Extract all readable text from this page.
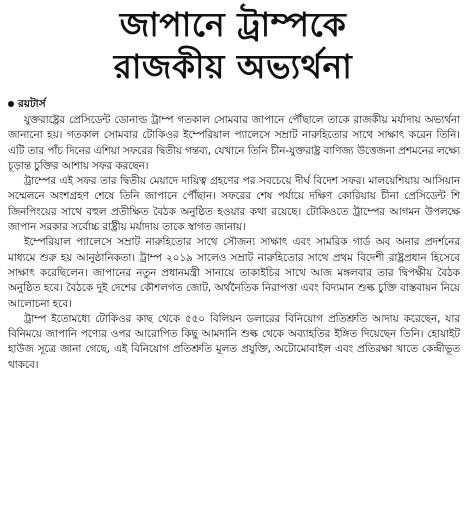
জাপানে ট্রাম্পকে
রাজকীয় অভ্যর্থনা
রয়টার্স

যুক্তরাষ্ট্রের প্রেসিডেন্ট ডোনাল্ড ট্রাম্প গতকাল সোমবার জাপানে পৌঁছালে তাকে রাজকীয় মর্যাদায় অভ্যর্থনা জানানো হয়। গতকাল সোমবার টোকিওর ইম্পেরিয়াল প্যালেসে সম্রাট নারুহিতোর সাথে সাক্ষাৎ করেন তিনি। এটি তার পাঁচ দিনের এশিয়া সফরের দ্বিতীয় গন্তব্য, যেখানে তিনি চীন-যুক্তরাষ্ট্র বাণিজ্য উত্তেজনা প্রশমনের লক্ষ্যে চূড়ান্ত চুক্তির আশায় সফর করছেন।

ট্রাম্পের এই সফর তার দ্বিতীয় মেয়াদে দায়িত্ব গ্রহণের পর সবচেয়ে দীর্ঘ বিদেশ সফর। মালয়েশিয়ায় আসিয়ান সম্মেলনে অংশগ্রহণ শেষে তিনি জাপানে পৌঁছান। সফরের শেষ পর্যায়ে দক্ষিণ কোরিয়ায় চীনা প্রেসিডেন্ট শি জিনপিংয়ের সাথে বহুল প্রতীক্ষিত বৈঠক অনুষ্ঠিত হওয়ার কথা রয়েছে। টোকিওতে ট্রাম্পের আগমন উপলক্ষে জাপান সরকার সর্বোচ্চ রাষ্ট্রীয় মর্যাদায় তাকে স্বাগত জানায়।

ইম্পেরিয়াল প্যালেসে সম্রাট নারুহিতোর সাথে সৌজন্য সাক্ষাৎ এবং সামরিক গার্ড অব অনার প্রদর্শনের মাধ্যমে শুরু হয় আনুষ্ঠানিকতা। ট্রাম্প ২০১৯ সালেও সম্রাট নারুহিতোর সাথে প্রথম বিদেশী রাষ্ট্রপ্রধান হিসেবে সাক্ষাৎ করেছিলেন। জাপানের নতুন প্রধানমন্ত্রী সানায়ে তাকাইচির সাথে আজ মঙ্গলবার তার দ্বিপক্ষীয় বৈঠক অনুষ্ঠিত হবে। বৈঠকে দুই দেশের কৌশলগত জোট, অর্থনৈতিক নিরাপত্তা এবং বিদ্যমান শুল্ক চুক্তি বাস্তবায়ন নিয়ে আলোচনা হবে।

ট্রাম্প ইতোমধ্যে টোকিওর কাছ থেকে ৫৫০ বিলিয়ন ডলারের বিনিয়োগ প্রতিশ্রুতি আদায় করেছেন, যার বিনিময়ে জাপানি পণ্যের ওপর আরোপিত কিছু আমদানি শুল্ক থেকে অব্যাহতির ইঙ্গিত দিয়েছেন তিনি। হোয়াইট হাউজ সূত্রে জানা গেছে, এই বিনিয়োগ প্রতিশ্রুতি মূলত প্রযুক্তি, অটোমোবাইল এবং প্রতিরক্ষা খাতে কেন্দ্রীভূত থাকবে।
